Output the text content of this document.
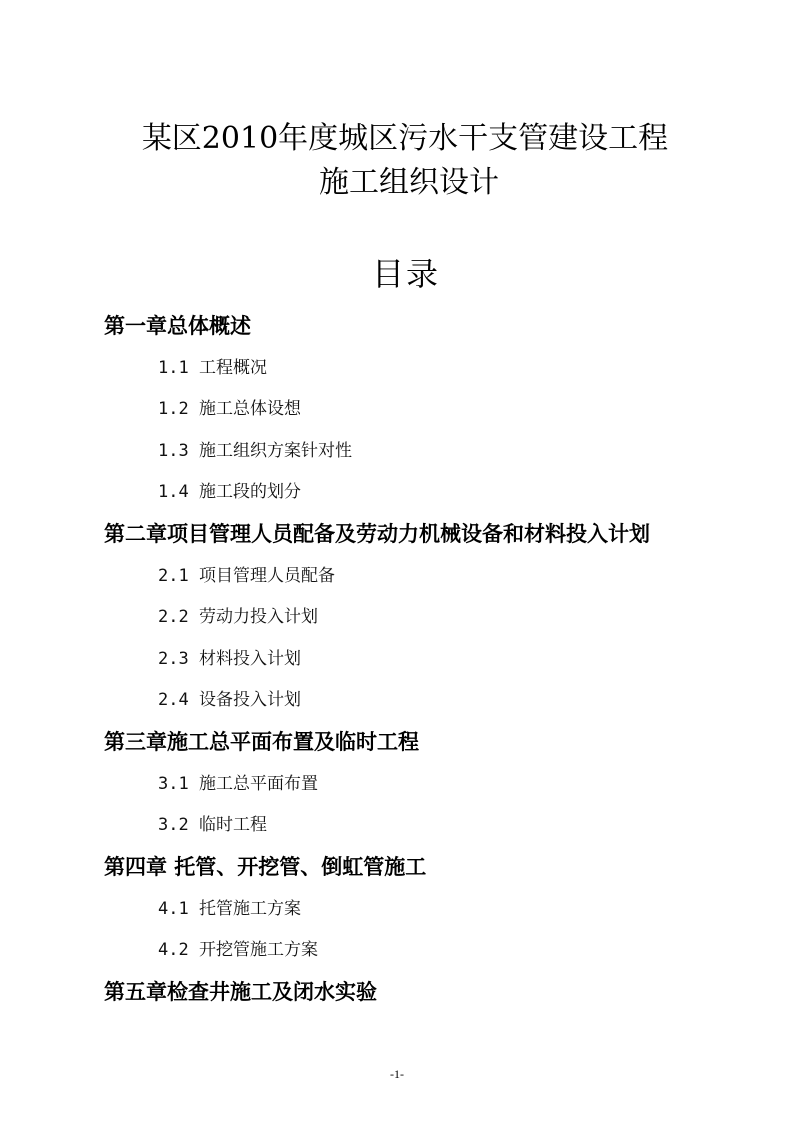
某区2010年度城区污水干支管建设工程
施工组织设计
目录
第一章总体概述
1.1 工程概况
1.2 施工总体设想
1.3 施工组织方案针对性
1.4 施工段的划分
第二章项目管理人员配备及劳动力机械设备和材料投入计划
2.1 项目管理人员配备
2.2 劳动力投入计划
2.3 材料投入计划
2.4 设备投入计划
第三章施工总平面布置及临时工程
3.1 施工总平面布置
3.2 临时工程
第四章 托管、开挖管、倒虹管施工
4.1 托管施工方案
4.2 开挖管施工方案
第五章检查井施工及闭水实验
-1-
